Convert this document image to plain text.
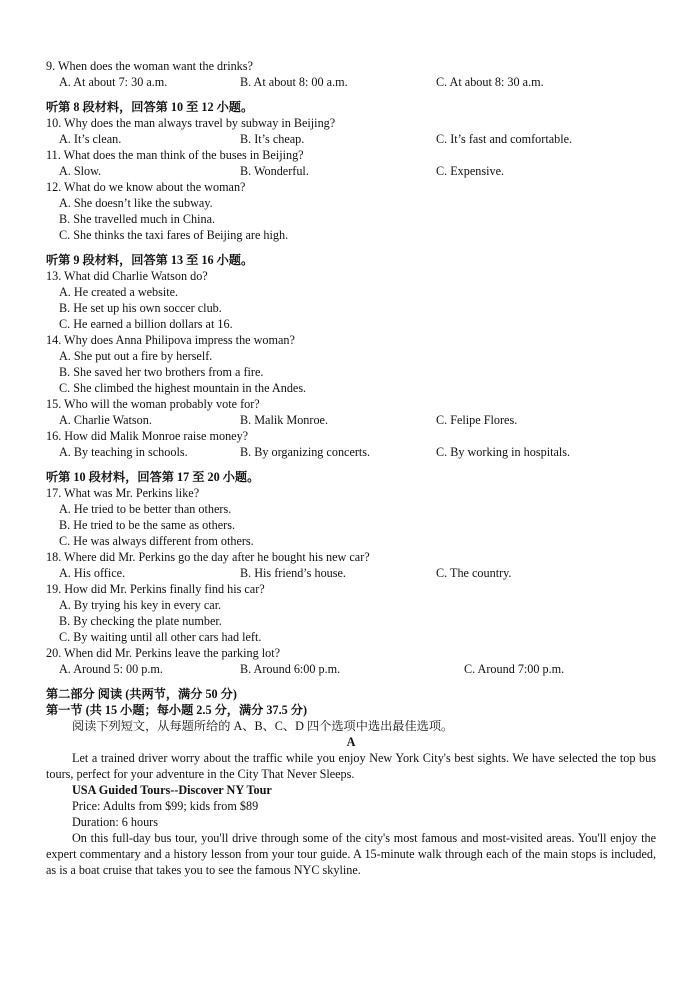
9. When does the woman want the drinks?
A. At about 7: 30 a.m.	B. At about 8: 00 a.m.	C. At about 8: 30 a.m.
听第 8 段材料，回答第 10 至 12 小题。
10. Why does the man always travel by subway in Beijing?
A. It’s clean.	B. It’s cheap.	C. It’s fast and comfortable.
11. What does the man think of the buses in Beijing?
A. Slow.	B. Wonderful.	C. Expensive.
12. What do we know about the woman?
A. She doesn’t like the subway.
B. She travelled much in China.
C. She thinks the taxi fares of Beijing are high.
听第 9 段材料，回答第 13 至 16 小题。
13. What did Charlie Watson do?
A. He created a website.
B. He set up his own soccer club.
C. He earned a billion dollars at 16.
14. Why does Anna Philipova impress the woman?
A. She put out a fire by herself.
B. She saved her two brothers from a fire.
C. She climbed the highest mountain in the Andes.
15. Who will the woman probably vote for?
A. Charlie Watson.	B. Malik Monroe.	C. Felipe Flores.
16. How did Malik Monroe raise money?
A. By teaching in schools.	B. By organizing concerts.	C. By working in hospitals.
听第 10 段材料，回答第 17 至 20 小题。
17. What was Mr. Perkins like?
A. He tried to be better than others.
B. He tried to be the same as others.
C. He was always different from others.
18. Where did Mr. Perkins go the day after he bought his new car?
A. His office.	B. His friend’s house.	C. The country.
19. How did Mr. Perkins finally find his car?
A. By trying his key in every car.
B. By checking the plate number.
C. By waiting until all other cars had left.
20. When did Mr. Perkins leave the parking lot?
A. Around 5: 00 p.m.	B. Around 6:00 p.m.	C. Around 7:00 p.m.
第二部分 阅读 (共两节，满分 50 分)
第一节 (共 15 小题；每小题 2.5 分，满分 37.5 分)
阅读下列短文，从每题所给的 A、B、C、D 四个选项中选出最佳选项。
A
Let a trained driver worry about the traffic while you enjoy New York City's best sights. We have selected the top bus tours, perfect for your adventure in the City That Never Sleeps.
USA Guided Tours--Discover NY Tour
Price: Adults from $99; kids from $89
Duration: 6 hours
On this full-day bus tour, you'll drive through some of the city's most famous and most-visited areas. You'll enjoy the expert commentary and a history lesson from your tour guide. A 15-minute walk through each of the main stops is included, as is a boat cruise that takes you to see the famous NYC skyline.
